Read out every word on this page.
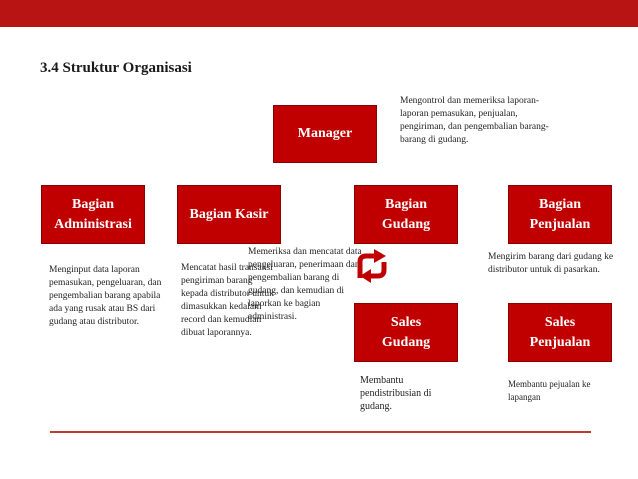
3.4 Struktur Organisasi
Manager
Mengontrol dan memeriksa laporan-laporan pemasukan, penjualan, pengiriman, dan pengembalian barang-barang di gudang.
Bagian
Administrasi
Bagian Kasir
Bagian
Gudang
Bagian
Penjualan
Menginput data laporan pemasukan, pengeluaran, dan pengembalian barang apabila ada yang rusak atau BS dari gudang atau distributor.
Mencatat hasil transaksi pengiriman barang kepada distributor untuk dimasukkan kedalam record dan kemudian dibuat laporannya.
Memeriksa dan mencatat data pengeluaran, penerimaan dan pengembalian barang di gudang, dan kemudian di laporkan ke bagian administrasi.
Mengirim barang dari gudang ke distributor untuk di pasarkan.
Sales
Gudang
Sales
Penjualan
Membantu pendistribusian di gudang.
Membantu pejualan ke lapangan
